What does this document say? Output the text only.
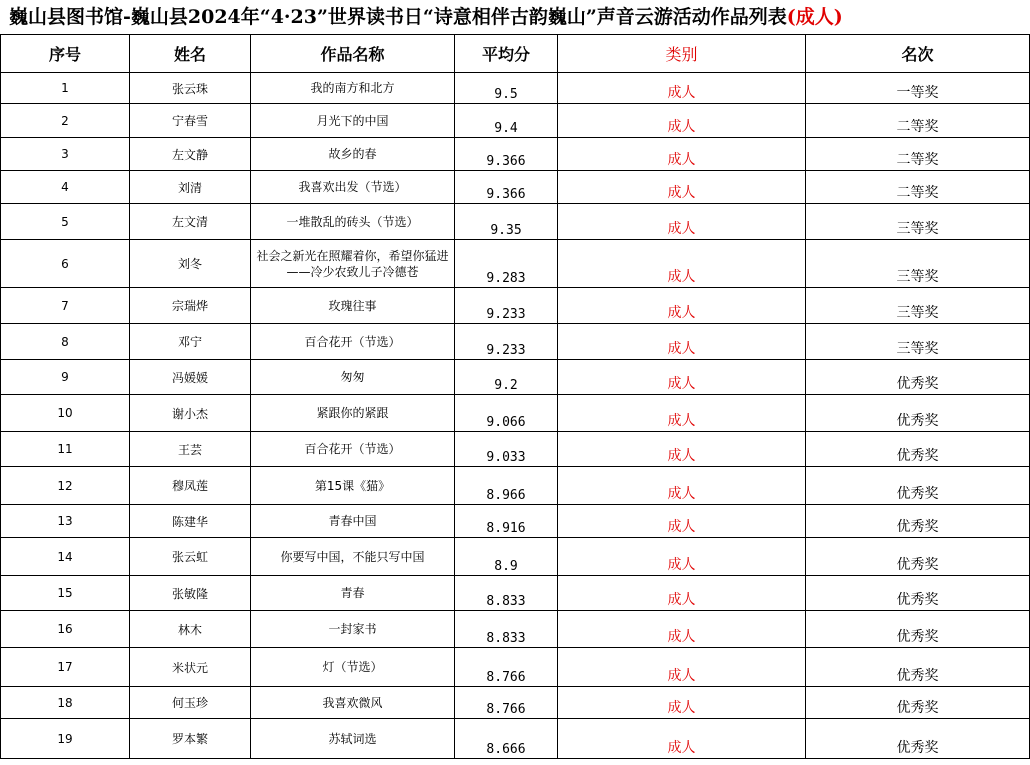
巍山县图书馆-巍山县2024年“4·23”世界读书日“诗意相伴古韵巍山”声音云游活动作品列表(成人)
序号	姓名	作品名称	平均分	类别	名次
1	张云珠	我的南方和北方	9.5	成人	一等奖
2	宁春雪	月光下的中国	9.4	成人	二等奖
3	左文静	故乡的春	9.366	成人	二等奖
4	刘清	我喜欢出发（节选）	9.366	成人	二等奖
5	左文清	一堆散乱的砖头（节选）	9.35	成人	三等奖
6	刘冬	社会之新光在照耀着你，希望你猛进——冷少农致儿子冷德苍	9.283	成人	三等奖
7	宗瑞烨	玫瑰往事	9.233	成人	三等奖
8	邓宁	百合花开（节选）	9.233	成人	三等奖
9	冯媛媛	匆匆	9.2	成人	优秀奖
10	谢小杰	紧跟你的紧跟	9.066	成人	优秀奖
11	王芸	百合花开（节选）	9.033	成人	优秀奖
12	穆凤莲	第15课《猫》	8.966	成人	优秀奖
13	陈建华	青春中国	8.916	成人	优秀奖
14	张云虹	你要写中国，不能只写中国	8.9	成人	优秀奖
15	张敏隆	青春	8.833	成人	优秀奖
16	林木	一封家书	8.833	成人	优秀奖
17	米状元	灯（节选）	8.766	成人	优秀奖
18	何玉珍	我喜欢微风	8.766	成人	优秀奖
19	罗本繁	苏轼词选	8.666	成人	优秀奖
